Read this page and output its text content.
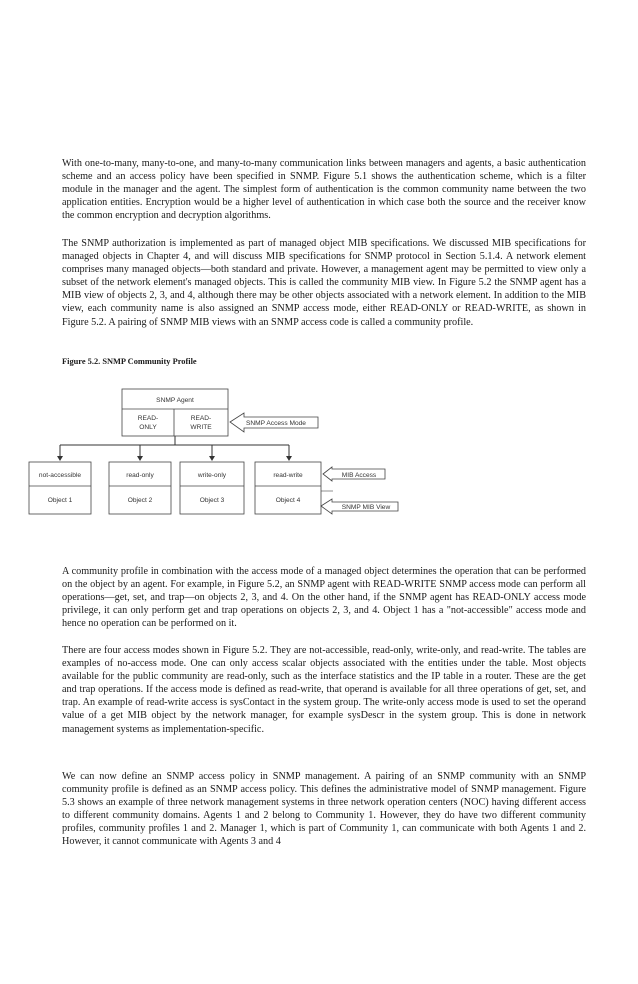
With one-to-many, many-to-one, and many-to-many communication links between managers and agents, a basic authentication scheme and an access policy have been specified in SNMP. Figure 5.1 shows the authentication scheme, which is a filter module in the manager and the agent. The simplest form of authentication is the common community name between the two application entities. Encryption would be a higher level of authentication in which case both the source and the receiver know the common encryption and decryption algorithms.

The SNMP authorization is implemented as part of managed object MIB specifications. We discussed MIB specifications for managed objects in Chapter 4, and will discuss MIB specifications for SNMP protocol in Section 5.1.4. A network element comprises many managed objects—both standard and private. However, a management agent may be permitted to view only a subset of the network element's managed objects. This is called the community MIB view. In Figure 5.2 the SNMP agent has a MIB view of objects 2, 3, and 4, although there may be other objects associated with a network element. In addition to the MIB view, each community name is also assigned an SNMP access mode, either READ-ONLY or READ-WRITE, as shown in Figure 5.2. A pairing of SNMP MIB views with an SNMP access code is called a community profile.

Figure 5.2. SNMP Community Profile
SNMP Agent
READ-
ONLY
READ-
WRITE
SNMP Access Mode
not-accessible
Object 1
read-only
Object 2
write-only
Object 3
read-write
Object 4
MIB Access
SNMP MIB View

A community profile in combination with the access mode of a managed object determines the operation that can be performed on the object by an agent. For example, in Figure 5.2, an SNMP agent with READ-WRITE SNMP access mode can perform all operations—get, set, and trap—on objects 2, 3, and 4. On the other hand, if the SNMP agent has READ-ONLY access mode privilege, it can only perform get and trap operations on objects 2, 3, and 4. Object 1 has a "not-accessible" access mode and hence no operation can be performed on it.

There are four access modes shown in Figure 5.2. They are not-accessible, read-only, write-only, and read-write. The tables are examples of no-access mode. One can only access scalar objects associated with the entities under the table. Most objects available for the public community are read-only, such as the interface statistics and the IP table in a router. These are the get and trap operations. If the access mode is defined as read-write, that operand is available for all three operations of get, set, and trap. An example of read-write access is sysContact in the system group. The write-only access mode is used to set the operand value of a get MIB object by the network manager, for example sysDescr in the system group. This is done in network management systems as implementation-specific.

We can now define an SNMP access policy in SNMP management. A pairing of an SNMP community with an SNMP community profile is defined as an SNMP access policy. This defines the administrative model of SNMP management. Figure 5.3 shows an example of three network management systems in three network operation centers (NOC) having different access to different community domains. Agents 1 and 2 belong to Community 1. However, they do have two different community profiles, community profiles 1 and 2. Manager 1, which is part of Community 1, can communicate with both Agents 1 and 2. However, it cannot communicate with Agents 3 and 4
